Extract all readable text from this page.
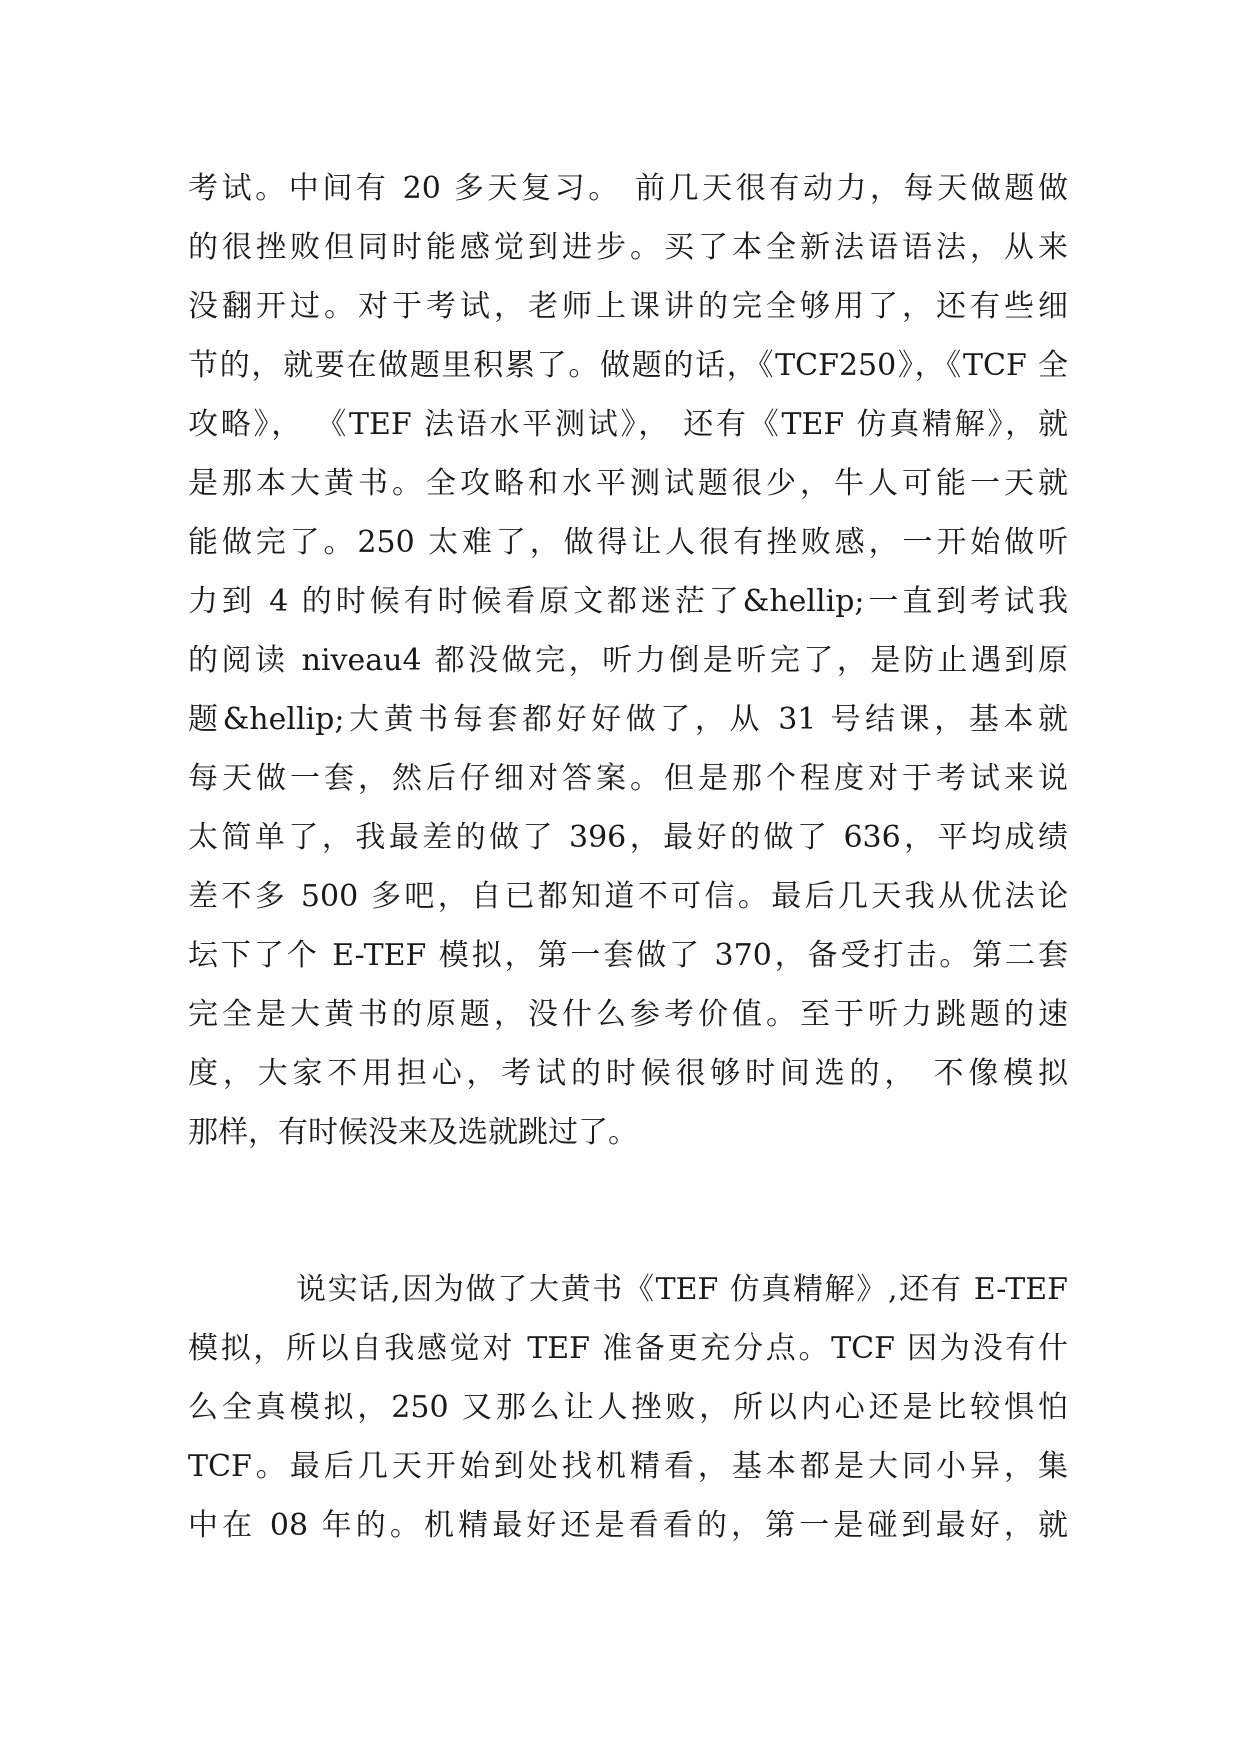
考试。中间有 20 多天复习。 前几天很有动力，每天做题做
的很挫败但同时能感觉到进步。买了本全新法语语法，从来
没翻开过。对于考试，老师上课讲的完全够用了，还有些细
节的，就要在做题里积累了。做题的话，《TCF250》，《TCF 全
攻略》， 《TEF 法语水平测试》， 还有《TEF 仿真精解》，就
是那本大黄书。全攻略和水平测试题很少，牛人可能一天就
能做完了。250 太难了，做得让人很有挫败感，一开始做听
力到 4 的时候有时候看原文都迷茫了&hellip;一直到考试我
的阅读 niveau4 都没做完，听力倒是听完了，是防止遇到原
题&hellip;大黄书每套都好好做了，从 31 号结课，基本就
每天做一套，然后仔细对答案。但是那个程度对于考试来说
太简单了，我最差的做了 396，最好的做了 636，平均成绩
差不多 500 多吧，自已都知道不可信。最后几天我从优法论
坛下了个 E-TEF 模拟，第一套做了 370，备受打击。第二套
完全是大黄书的原题，没什么参考价值。至于听力跳题的速
度，大家不用担心，考试的时候很够时间选的， 不像模拟
那样，有时候没来及选就跳过了。
说实话,因为做了大黄书《TEF 仿真精解》,还有 E-TEF
模拟，所以自我感觉对 TEF 准备更充分点。TCF 因为没有什
么全真模拟，250 又那么让人挫败，所以内心还是比较惧怕
TCF。最后几天开始到处找机精看，基本都是大同小异，集
中在 08 年的。机精最好还是看看的，第一是碰到最好，就
